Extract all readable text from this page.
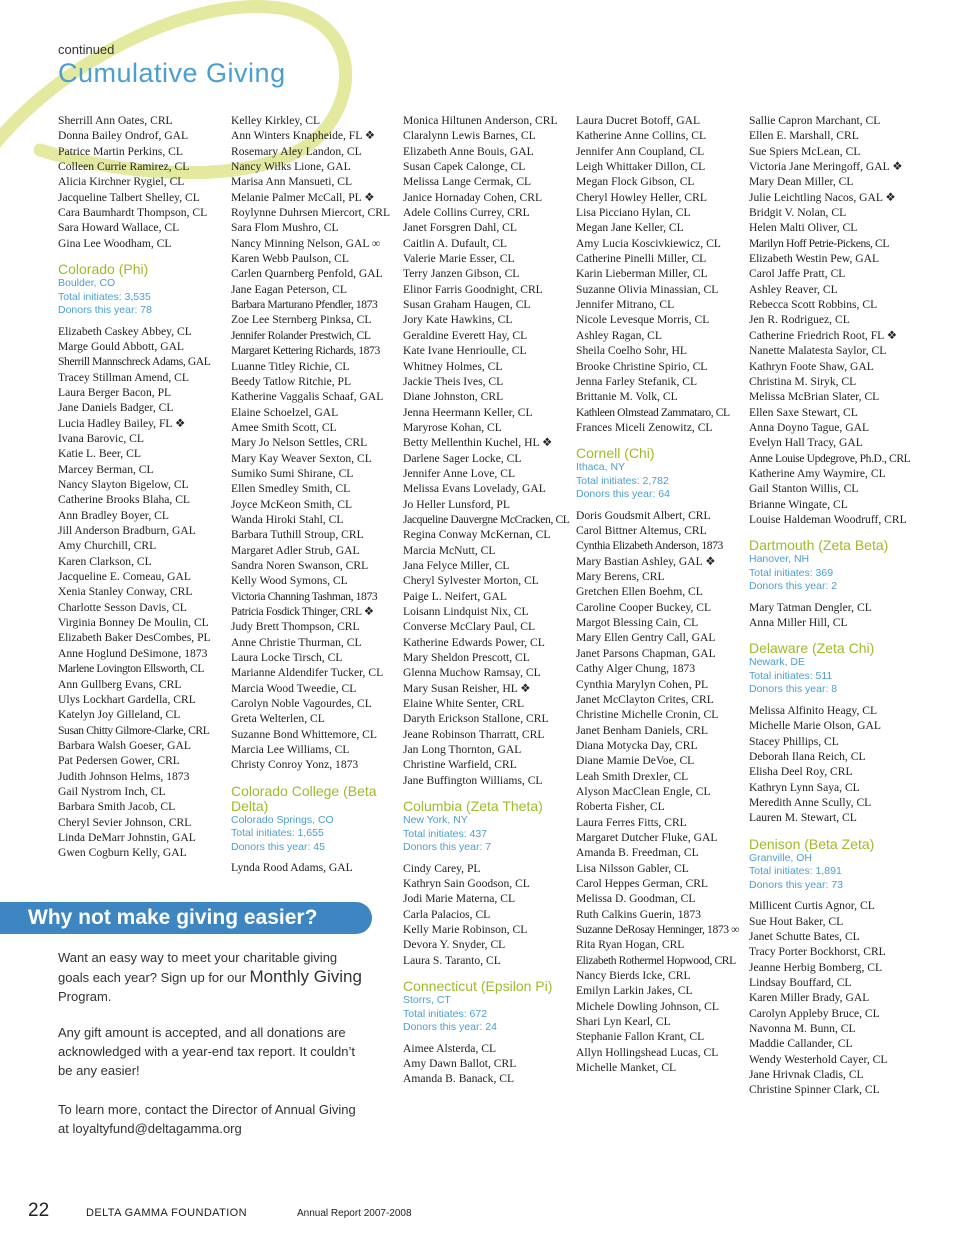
continued
Cumulative Giving
Sherrill Ann Oates, CRL
Donna Bailey Ondrof, GAL
Patrice Martin Perkins, CL
Colleen Currie Ramirez, CL
Alicia Kirchner Rygiel, CL
Jacqueline Talbert Shelley, CL
Cara Baumhardt Thompson, CL
Sara Howard Wallace, CL
Gina Lee Woodham, CL
Colorado (Phi)
Boulder, CO
Total initiates: 3,535
Donors this year: 78
Elizabeth Caskey Abbey, CL
Marge Gould Abbott, GAL
Sherrill Mannschreck Adams, GAL
Tracey Stillman Amend, CL
Laura Berger Bacon, PL
Jane Daniels Badger, CL
Lucia Hadley Bailey, FL ❖
Ivana Barovic, CL
Katie L. Beer, CL
Marcey Berman, CL
Nancy Slayton Bigelow, CL
Catherine Brooks Blaha, CL
Ann Bradley Boyer, CL
Jill Anderson Bradburn, GAL
Amy Churchill, CRL
Karen Clarkson, CL
Jacqueline E. Comeau, GAL
Xenia Stanley Conway, CRL
Charlotte Sesson Davis, CL
Virginia Bonney De Moulin, CL
Elizabeth Baker DesCombes, PL
Anne Hoglund DeSimone, 1873
Marlene Lovington Ellsworth, CL
Ann Gullberg Evans, CRL
Ulys Lockhart Gardella, CRL
Katelyn Joy Gilleland, CL
Susan Chitty Gilmore-Clarke, CRL
Barbara Walsh Goeser, GAL
Pat Pedersen Gower, CRL
Judith Johnson Helms, 1873
Gail Nystrom Inch, CL
Barbara Smith Jacob, CL
Cheryl Sevier Johnson, CRL
Linda DeMarr Johnstin, GAL
Gwen Cogburn Kelly, GAL
Kelley Kirkley, CL
Ann Winters Knapheide, FL ❖
Rosemary Aley Landon, CL
Nancy Wilks Lione, GAL
Marisa Ann Mansueti, CL
Melanie Palmer McCall, PL ❖
Roylynne Duhrsen Miercort, CRL
Sara Flom Mushro, CL
Nancy Minning Nelson, GAL ∞
Karen Webb Paulson, CL
Carlen Quarnberg Penfold, GAL
Jane Eagan Peterson, CL
Barbara Marturano Pfendler, 1873
Zoe Lee Sternberg Pinksa, CL
Jennifer Rolander Prestwich, CL
Margaret Kettering Richards, 1873
Luanne Titley Richie, CL
Beedy Tatlow Ritchie, PL
Katherine Vaggalis Schaaf, GAL
Elaine Schoelzel, GAL
Amee Smith Scott, CL
Mary Jo Nelson Settles, CRL
Mary Kay Weaver Sexton, CL
Sumiko Sumi Shirane, CL
Ellen Smedley Smith, CL
Joyce McKeon Smith, CL
Wanda Hiroki Stahl, CL
Barbara Tuthill Stroup, CRL
Margaret Adler Strub, GAL
Sandra Noren Swanson, CRL
Kelly Wood Symons, CL
Victoria Channing Tashman, 1873
Patricia Fosdick Thinger, CRL ❖
Judy Brett Thompson, CRL
Anne Christie Thurman, CL
Laura Locke Tirsch, CL
Marianne Aldendifer Tucker, CL
Marcia Wood Tweedie, CL
Carolyn Noble Vagourdes, CL
Greta Welterlen, CL
Suzanne Bond Whittemore, CL
Marcia Lee Williams, CL
Christy Conroy Yonz, 1873
Colorado College (Beta Delta)
Colorado Springs, CO
Total initiates: 1,655
Donors this year: 45
Lynda Rood Adams, GAL
Monica Hiltunen Anderson, CRL
Claralynn Lewis Barnes, CL
Elizabeth Anne Bouis, GAL
Susan Capek Calonge, CL
Melissa Lange Cermak, CL
Janice Hornaday Cohen, CRL
Adele Collins Currey, CRL
Janet Forsgren Dahl, CL
Caitlin A. Dufault, CL
Valerie Marie Esser, CL
Terry Janzen Gibson, CL
Elinor Farris Goodnight, CRL
Susan Graham Haugen, CL
Jory Kate Hawkins, CL
Geraldine Everett Hay, CL
Kate Ivane Henrioulle, CL
Whitney Holmes, CL
Jackie Theis Ives, CL
Diane Johnston, CRL
Jenna Heermann Keller, CL
Maryrose Kohan, CL
Betty Mellenthin Kuchel, HL ❖
Darlene Sager Locke, CL
Jennifer Anne Love, CL
Melissa Evans Lovelady, GAL
Jo Heller Lunsford, PL
Jacqueline Dauvergne McCracken, CL
Regina Conway McKernan, CL
Marcia McNutt, CL
Jana Felyce Miller, CL
Cheryl Sylvester Morton, CL
Paige L. Neifert, GAL
Loisann Lindquist Nix, CL
Converse McClary Paul, CL
Katherine Edwards Power, CL
Mary Sheldon Prescott, CL
Glenna Muchow Ramsay, CL
Mary Susan Reisher, HL ❖
Elaine White Senter, CRL
Daryth Erickson Stallone, CRL
Jeane Robinson Tharratt, CRL
Jan Long Thornton, GAL
Christine Warfield, CRL
Jane Buffington Williams, CL
Columbia (Zeta Theta)
New York, NY
Total initiates: 437
Donors this year: 7
Cindy Carey, PL
Kathryn Sain Goodson, CL
Jodi Marie Materna, CL
Carla Palacios, CL
Kelly Marie Robinson, CL
Devora Y. Snyder, CL
Laura S. Taranto, CL
Connecticut (Epsilon Pi)
Storrs, CT
Total initiates: 672
Donors this year: 24
Aimee Alsterda, CL
Amy Dawn Ballot, CRL
Amanda B. Banack, CL
Laura Ducret Botoff, GAL
Katherine Anne Collins, CL
Jennifer Ann Coupland, CL
Leigh Whittaker Dillon, CL
Megan Flock Gibson, CL
Cheryl Howley Heller, CRL
Lisa Picciano Hylan, CL
Megan Jane Keller, CL
Amy Lucia Koscivkiewicz, CL
Catherine Pinelli Miller, CL
Karin Lieberman Miller, CL
Suzanne Olivia Minassian, CL
Jennifer Mitrano, CL
Nicole Levesque Morris, CL
Ashley Ragan, CL
Sheila Coelho Sohr, HL
Brooke Christine Spirio, CL
Jenna Farley Stefanik, CL
Brittanie M. Volk, CL
Kathleen Olmstead Zammataro, CL
Frances Miceli Zenowitz, CL
Cornell (Chi)
Ithaca, NY
Total initiates: 2,782
Donors this year: 64
Doris Goudsmit Albert, CRL
Carol Bittner Altemus, CRL
Cynthia Elizabeth Anderson, 1873
Mary Bastian Ashley, GAL ❖
Mary Berens, CRL
Gretchen Ellen Boehm, CL
Caroline Cooper Buckey, CL
Margot Blessing Cain, CL
Mary Ellen Gentry Call, GAL
Janet Parsons Chapman, GAL
Cathy Alger Chung, 1873
Cynthia Marylyn Cohen, PL
Janet McClayton Crites, CRL
Christine Michelle Cronin, CL
Janet Benham Daniels, CRL
Diana Motycka Day, CRL
Diane Mamie DeVoe, CL
Leah Smith Drexler, CL
Alyson MacClean Engle, CL
Roberta Fisher, CL
Laura Ferres Fitts, CRL
Margaret Dutcher Fluke, GAL
Amanda B. Freedman, CL
Lisa Nilsson Gabler, CL
Carol Heppes German, CRL
Melissa D. Goodman, CL
Ruth Calkins Guerin, 1873
Suzanne DeRosay Henninger, 1873 ∞
Rita Ryan Hogan, CRL
Elizabeth Rothermel Hopwood, CRL
Nancy Bierds Icke, CRL
Emilyn Larkin Jakes, CL
Michele Dowling Johnson, CL
Shari Lyn Kearl, CL
Stephanie Fallon Krant, CL
Allyn Hollingshead Lucas, CL
Michelle Manket, CL
Sallie Capron Marchant, CL
Ellen E. Marshall, CRL
Sue Spiers McLean, CL
Victoria Jane Meringoff, GAL ❖
Mary Dean Miller, CL
Julie Leichtling Nacos, GAL ❖
Bridgit V. Nolan, CL
Helen Malti Oliver, CL
Marilyn Hoff Petrie-Pickens, CL
Elizabeth Westin Pew, GAL
Carol Jaffe Pratt, CL
Ashley Reaver, CL
Rebecca Scott Robbins, CL
Jen R. Rodriguez, CL
Catherine Friedrich Root, FL ❖
Nanette Malatesta Saylor, CL
Kathryn Foote Shaw, GAL
Christina M. Siryk, CL
Melissa McBrian Slater, CL
Ellen Saxe Stewart, CL
Anna Doyno Tague, GAL
Evelyn Hall Tracy, GAL
Anne Louise Updegrove, Ph.D., CRL
Katherine Amy Waymire, CL
Gail Stanton Willis, CL
Brianne Wingate, CL
Louise Haldeman Woodruff, CRL
Dartmouth (Zeta Beta)
Hanover, NH
Total initiates: 369
Donors this year: 2
Mary Tatman Dengler, CL
Anna Miller Hill, CL
Delaware (Zeta Chi)
Newark, DE
Total initiates: 511
Donors this year: 8
Melissa Alfinito Heagy, CL
Michelle Marie Olson, GAL
Stacey Phillips, CL
Deborah Ilana Reich, CL
Elisha Deel Roy, CRL
Kathryn Lynn Saya, CL
Meredith Anne Scully, CL
Lauren M. Stewart, CL
Denison (Beta Zeta)
Granville, OH
Total initiates: 1,891
Donors this year: 73
Millicent Curtis Agnor, CL
Sue Hout Baker, CL
Janet Schutte Bates, CL
Tracy Porter Bockhorst, CRL
Jeanne Herbig Bomberg, CL
Lindsay Bouffard, CL
Karen Miller Brady, GAL
Carolyn Appleby Bruce, CL
Navonna M. Bunn, CL
Maddie Callander, CL
Wendy Westerhold Cayer, CL
Jane Hrivnak Cladis, CL
Christine Spinner Clark, CL
Why not make giving easier?
Want an easy way to meet your charitable giving goals each year? Sign up for our Monthly Giving Program.
Any gift amount is accepted, and all donations are acknowledged with a year-end tax report. It couldn’t be any easier!
To learn more, contact the Director of Annual Giving at loyaltyfund@deltagamma.org
22	DELTA GAMMA FOUNDATION	Annual Report 2007-2008
